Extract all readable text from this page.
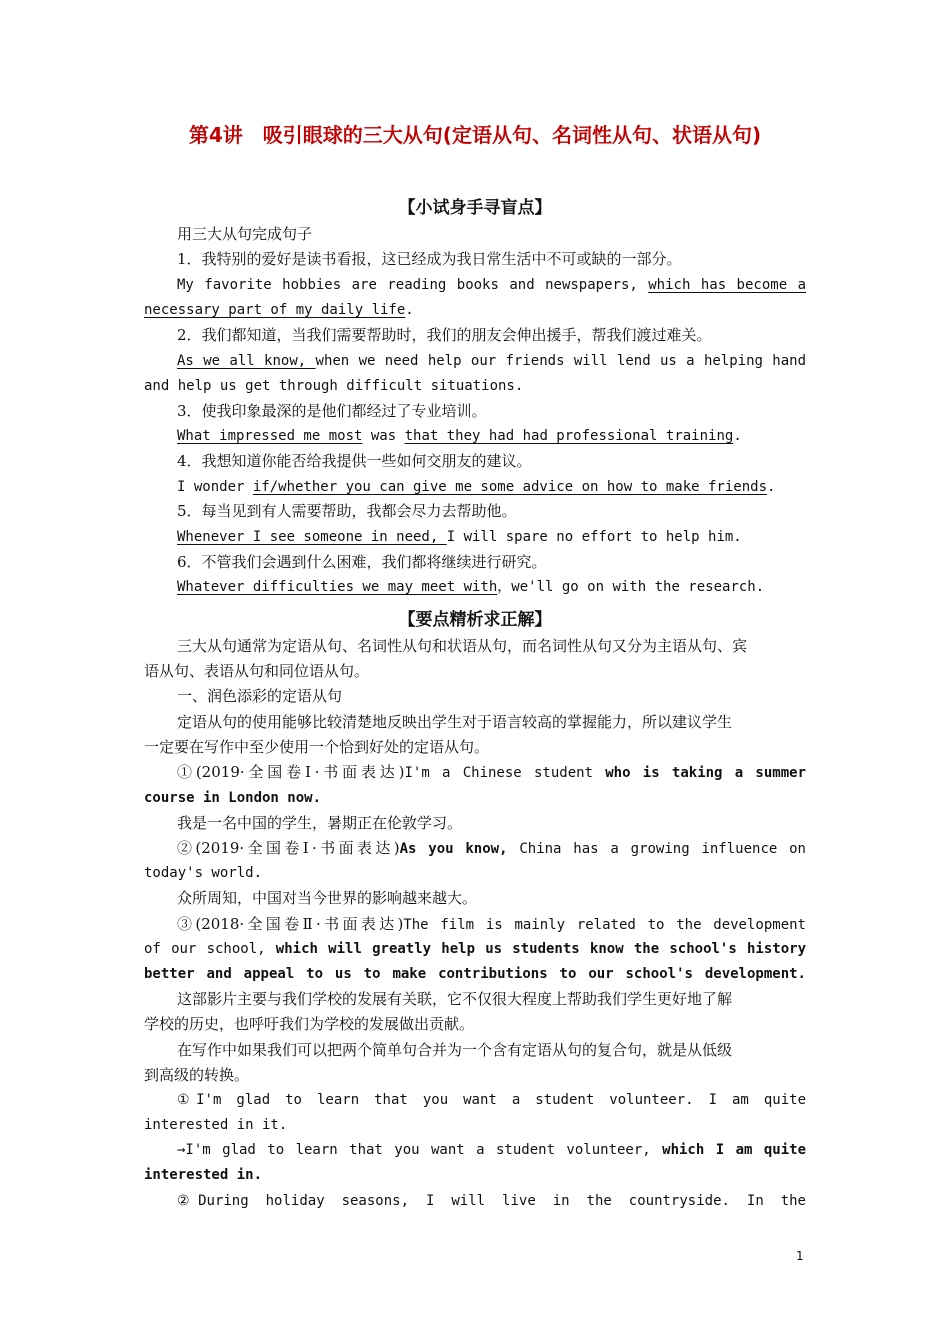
第4讲　吸引眼球的三大从句(定语从句、名词性从句、状语从句)
【小试身手寻盲点】
用三大从句完成句子
1．我特别的爱好是读书看报，这已经成为我日常生活中不可或缺的一部分。
My favorite hobbies are reading books and newspapers, which has become a
necessary part of my daily life.
2．我们都知道，当我们需要帮助时，我们的朋友会伸出援手，帮我们渡过难关。
As we all know, when we need help our friends will lend us a helping hand
and help us get through difficult situations.
3．使我印象最深的是他们都经过了专业培训。
What impressed me most was that they had had professional training.
4．我想知道你能否给我提供一些如何交朋友的建议。
I wonder if/whether you can give me some advice on how to make friends.
5．每当见到有人需要帮助，我都会尽力去帮助他。
Whenever I see someone in need, I will spare no effort to help him.
6．不管我们会遇到什么困难，我们都将继续进行研究。
Whatever difficulties we may meet with，we'll go on with the research.
【要点精析求正解】
三大从句通常为定语从句、名词性从句和状语从句，而名词性从句又分为主语从句、宾
语从句、表语从句和同位语从句。
一、润色添彩的定语从句
定语从句的使用能够比较清楚地反映出学生对于语言较高的掌握能力，所以建议学生
一定要在写作中至少使用一个恰到好处的定语从句。
①(2019·全国卷Ⅰ·书面表达)I'm a Chinese student who is taking a summer
course in London now.
我是一名中国的学生，暑期正在伦敦学习。
②(2019·全国卷Ⅰ·书面表达)As you know, China has a growing influence on
today's world.
众所周知，中国对当今世界的影响越来越大。
③(2018·全国卷Ⅱ·书面表达)The film is mainly related to the development
of our school, which will greatly help us students know the school's history
better and appeal to us to make contributions to our school's development.
这部影片主要与我们学校的发展有关联，它不仅很大程度上帮助我们学生更好地了解
学校的历史，也呼吁我们为学校的发展做出贡献。
在写作中如果我们可以把两个简单句合并为一个含有定语从句的复合句，就是从低级
到高级的转换。
①I'm glad to learn that you want a student volunteer. I am quite
interested in it.
→I'm glad to learn that you want a student volunteer, which I am quite
interested in.
②During holiday seasons, I will live in the countryside. In the
1
